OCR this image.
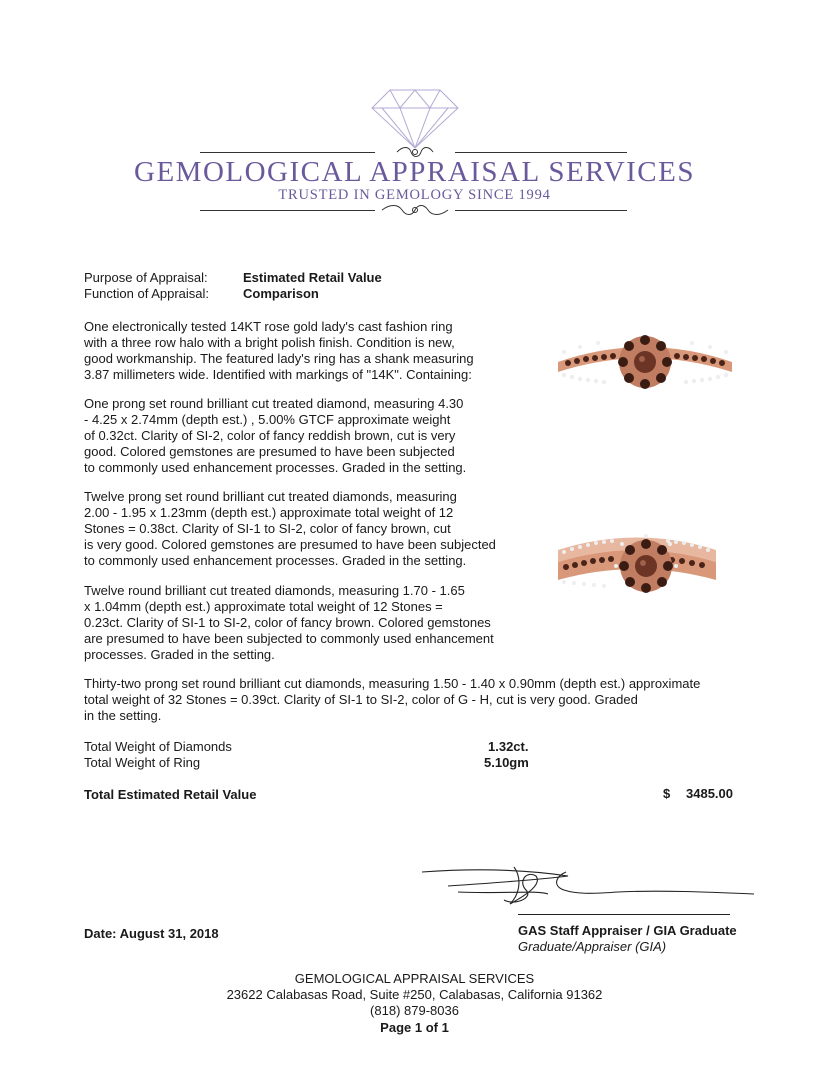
GEMOLOGICAL APPRAISAL SERVICES
TRUSTED IN GEMOLOGY SINCE 1994
Purpose of Appraisal:	Estimated Retail Value
Function of Appraisal:	Comparison
One electronically tested 14KT rose gold lady's cast fashion ring
with a three row halo with a bright polish finish. Condition is new,
good workmanship. The featured lady's ring has a shank measuring
3.87 millimeters wide. Identified with markings of "14K". Containing:
One prong set round brilliant cut treated diamond, measuring 4.30
- 4.25 x 2.74mm (depth est.) , 5.00% GTCF approximate weight
of 0.32ct. Clarity of SI-2, color of fancy reddish brown, cut is very
good. Colored gemstones are presumed to have been subjected
to commonly used enhancement processes. Graded in the setting.
Twelve prong set round brilliant cut treated diamonds, measuring
2.00 - 1.95 x 1.23mm (depth est.) approximate total weight of 12
Stones = 0.38ct. Clarity of SI-1 to SI-2, color of fancy brown, cut
is very good. Colored gemstones are presumed to have been subjected
to commonly used enhancement processes. Graded in the setting.
Twelve round brilliant cut treated diamonds, measuring 1.70 - 1.65
x 1.04mm (depth est.) approximate total weight of 12 Stones =
0.23ct. Clarity of SI-1 to SI-2, color of fancy brown. Colored gemstones
are presumed to have been subjected to commonly used enhancement
processes. Graded in the setting.
Thirty-two prong set round brilliant cut diamonds, measuring 1.50 - 1.40 x 0.90mm (depth est.) approximate
total weight of 32 Stones = 0.39ct. Clarity of SI-1 to SI-2, color of G - H, cut is very good. Graded
in the setting.
Total Weight of Diamonds	1.32ct.
Total Weight of Ring	5.10gm
Total Estimated Retail Value	$ 3485.00
Date: August 31, 2018	GAS Staff Appraiser / GIA Graduate
Graduate/Appraiser (GIA)
GEMOLOGICAL APPRAISAL SERVICES
23622 Calabasas Road, Suite #250, Calabasas, California 91362
(818) 879-8036
Page 1 of 1
